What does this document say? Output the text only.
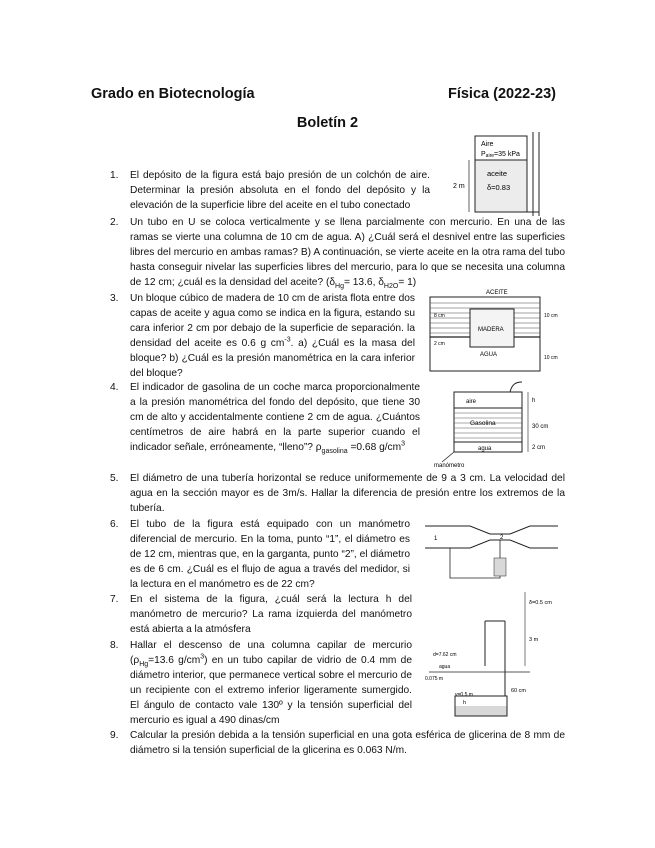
Grado en Biotecnología	Física (2022-23)
Boletín 2
1. El depósito de la figura está bajo presión de un colchón de aire. Determinar la presión absoluta en el fondo del depósito y la elevación de la superficie libre del aceite en el tubo conectado
Aire
Paire=35 kPa
aceite
δ=0.83
2 m
2. Un tubo en U se coloca verticalmente y se llena parcialmente con mercurio. En una de las ramas se vierte una columna de 10 cm de agua. A) ¿Cuál será el desnivel entre las superficies libres del mercurio en ambas ramas? B) A continuación, se vierte aceite en la otra rama del tubo hasta conseguir nivelar las superficies libres del mercurio, para lo que se necesita una columna de 12 cm; ¿cuál es la densidad del aceite? ($\delta_{Hg}= 13.6$, $\delta_{H2O}= 1$)
3. Un bloque cúbico de madera de 10 cm de arista flota entre dos capas de aceite y agua como se indica en la figura, estando su cara inferior 2 cm por debajo de la superficie de separación. la densidad del aceite es 0.6 g $cm^{-3}$. a) ¿Cuál es la masa del bloque? b) ¿Cuál es la presión manométrica en la cara inferior del bloque?
ACEITE
MADERA
AGUA
8 cm
2 cm
10 cm
10 cm
4. El indicador de gasolina de un coche marca proporcionalmente a la presión manométrica del fondo del depósito, que tiene 30 cm de alto y accidentalmente contiene 2 cm de agua. ¿Cuántos centímetros de aire habrá en la parte superior cuando el indicador señale, erróneamente, “lleno”? $\rho_{gasolina} =0.68$ $g/cm^3$
aire
Gasolina
agua
manómetro
h
30 cm
2 cm
5. El diámetro de una tubería horizontal se reduce uniformemente de 9 a 3 cm. La velocidad del agua en la sección mayor es de 3m/s. Hallar la diferencia de presión entre los extremos de la tubería.
6. El tubo de la figura está equipado con un manómetro diferencial de mercurio. En la toma, punto “1”, el diámetro es de 12 cm, mientras que, en la garganta, punto “2”, el diámetro es de 6 cm. ¿Cuál es el flujo de agua a través del medidor, si la lectura en el manómetro es de 22 cm?
1	2
7. En el sistema de la figura, ¿cuál será la lectura h del manómetro de mercurio? La rama izquierda del manómetro está abierta a la atmósfera
8. Hallar el descenso de una columna capilar de mercurio ($\rho_{Hg}=13.6$ $g/cm^3$) en un tubo capilar de vidrio de 0.4 mm de diámetro interior, que permanece vertical sobre el mercurio de un recipiente con el extremo inferior ligeramente sumergido. El ángulo de contacto vale 130º y la tensión superficial del mercurio es igual a 490 dinas/cm
δ=0.5 cm
3 m
d=7.62 cm
agua
0.075 m
v=0.5 m
h
60 cm
9. Calcular la presión debida a la tensión superficial en una gota esférica de glicerina de 8 mm de diámetro si la tensión superficial de la glicerina es 0.063 N/m.
